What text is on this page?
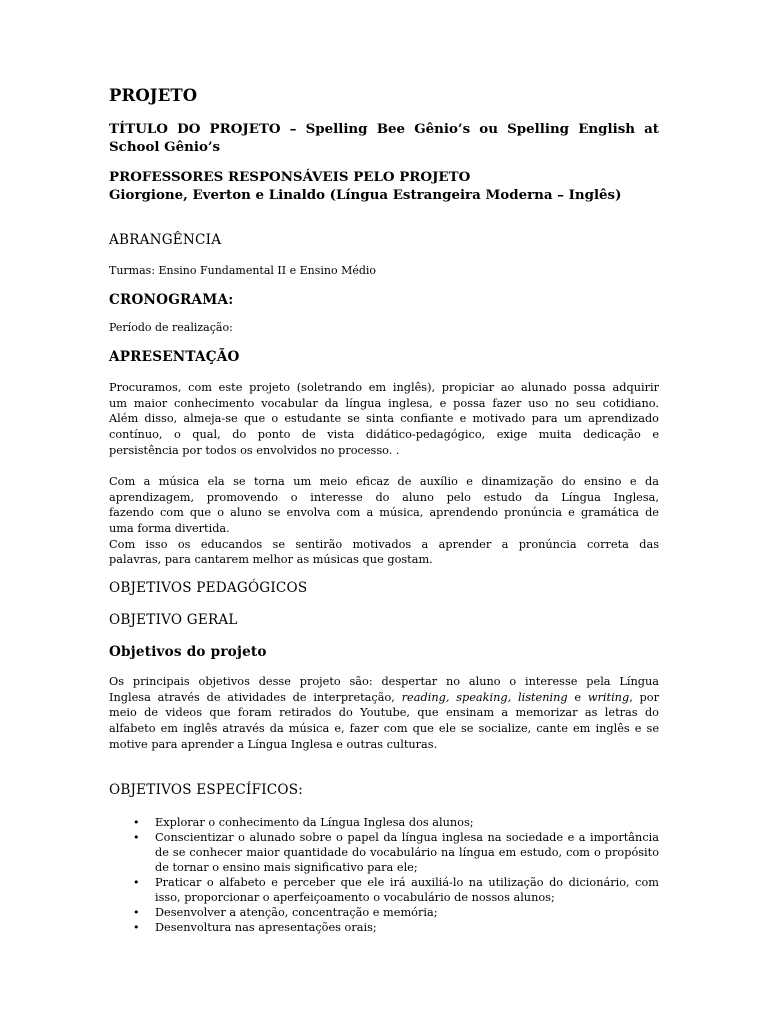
PROJETO
TÍTULO DO PROJETO – Spelling Bee Gênio’s ou Spelling English at School Gênio’s
PROFESSORES RESPONSÁVEIS PELO PROJETO
Giorgione, Everton e Linaldo (Língua Estrangeira Moderna – Inglês)
ABRANGÊNCIA
Turmas: Ensino Fundamental II e Ensino Médio
CRONOGRAMA:
Período de realização:
APRESENTAÇÃO
Procuramos, com este projeto (soletrando em inglês), propiciar ao alunado possa adquirir
um maior conhecimento vocabular da língua inglesa, e possa fazer uso no seu cotidiano.
Além disso, almeja-se que o estudante se sinta confiante e motivado para um aprendizado
contínuo, o qual, do ponto de vista didático-pedagógico, exige muita dedicação e
persistência por todos os envolvidos no processo. .
Com a música ela se torna um meio eficaz de auxílio e dinamização do ensino e da
aprendizagem, promovendo o interesse do aluno pelo estudo da Língua Inglesa,
fazendo com que o aluno se envolva com a música, aprendendo pronúncia e gramática de
uma forma divertida.
Com isso os educandos se sentirão motivados a aprender a pronúncia correta das
palavras, para cantarem melhor as músicas que gostam.
OBJETIVOS PEDAGÓGICOS
OBJETIVO GERAL
Objetivos do projeto
Os principais objetivos desse projeto são: despertar no aluno o interesse pela Língua
Inglesa através de atividades de interpretação, reading, speaking, listening e writing, por
meio de videos que foram retirados do Youtube, que ensinam a memorizar as letras do
alfabeto em inglês através da música e, fazer com que ele se socialize, cante em inglês e se
motive para aprender a Língua Inglesa e outras culturas.
OBJETIVOS ESPECÍFICOS:
• Explorar o conhecimento da Língua Inglesa dos alunos;
• Conscientizar o alunado sobre o papel da língua inglesa na sociedade e a importância de se conhecer maior quantidade do vocabulário na língua em estudo, com o propósito de tornar o ensino mais significativo para ele;
• Praticar o alfabeto e perceber que ele irá auxiliá-lo na utilização do dicionário, com isso, proporcionar o aperfeiçoamento o vocabulário de nossos alunos;
• Desenvolver a atenção, concentração e memória;
• Desenvoltura nas apresentações orais;
